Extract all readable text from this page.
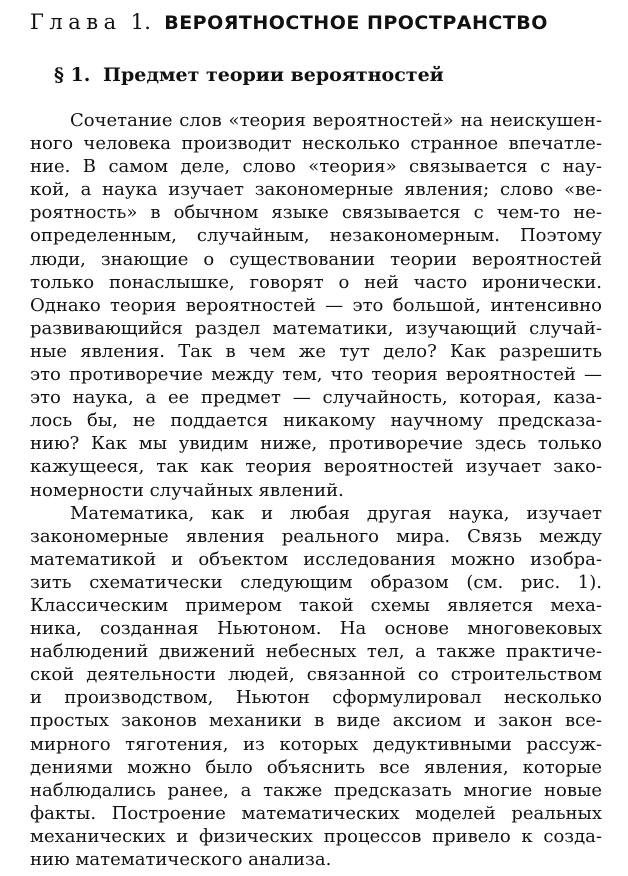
Глава 1. ВЕРОЯТНОСТНОЕ ПРОСТРАНСТВО
§ 1. Предмет теории вероятностей

Сочетание слов «теория вероятностей» на неискушен-
ного человека производит несколько странное впечатле-
ние. В самом деле, слово «теория» связывается с нау-
кой, а наука изучает закономерные явления; слово «ве-
роятность» в обычном языке связывается с чем-то не-
определенным, случайным, незакономерным. Поэтому
люди, знающие о существовании теории вероятностей
только понаслышке, говорят о ней часто иронически.
Однако теория вероятностей — это большой, интенсивно
развивающийся раздел математики, изучающий случай-
ные явления. Так в чем же тут дело? Как разрешить
это противоречие между тем, что теория вероятностей —
это наука, а ее предмет — случайность, которая, каза-
лось бы, не поддается никакому научному предсказа-
нию? Как мы увидим ниже, противоречие здесь только
кажущееся, так как теория вероятностей изучает зако-
номерности случайных явлений.

Математика, как и любая другая наука, изучает
закономерные явления реального мира. Связь между
математикой и объектом исследования можно изобра-
зить схематически следующим образом (см. рис. 1).
Классическим примером такой схемы является меха-
ника, созданная Ньютоном. На основе многовековых
наблюдений движений небесных тел, а также практиче-
ской деятельности людей, связанной со строительством
и производством, Ньютон сформулировал несколько
простых законов механики в виде аксиом и закон все-
мирного тяготения, из которых дедуктивными рассуж-
дениями можно было объяснить все явления, которые
наблюдались ранее, а также предсказать многие новые
факты. Построение математических моделей реальных
механических и физических процессов привело к созда-
нию математического анализа.
